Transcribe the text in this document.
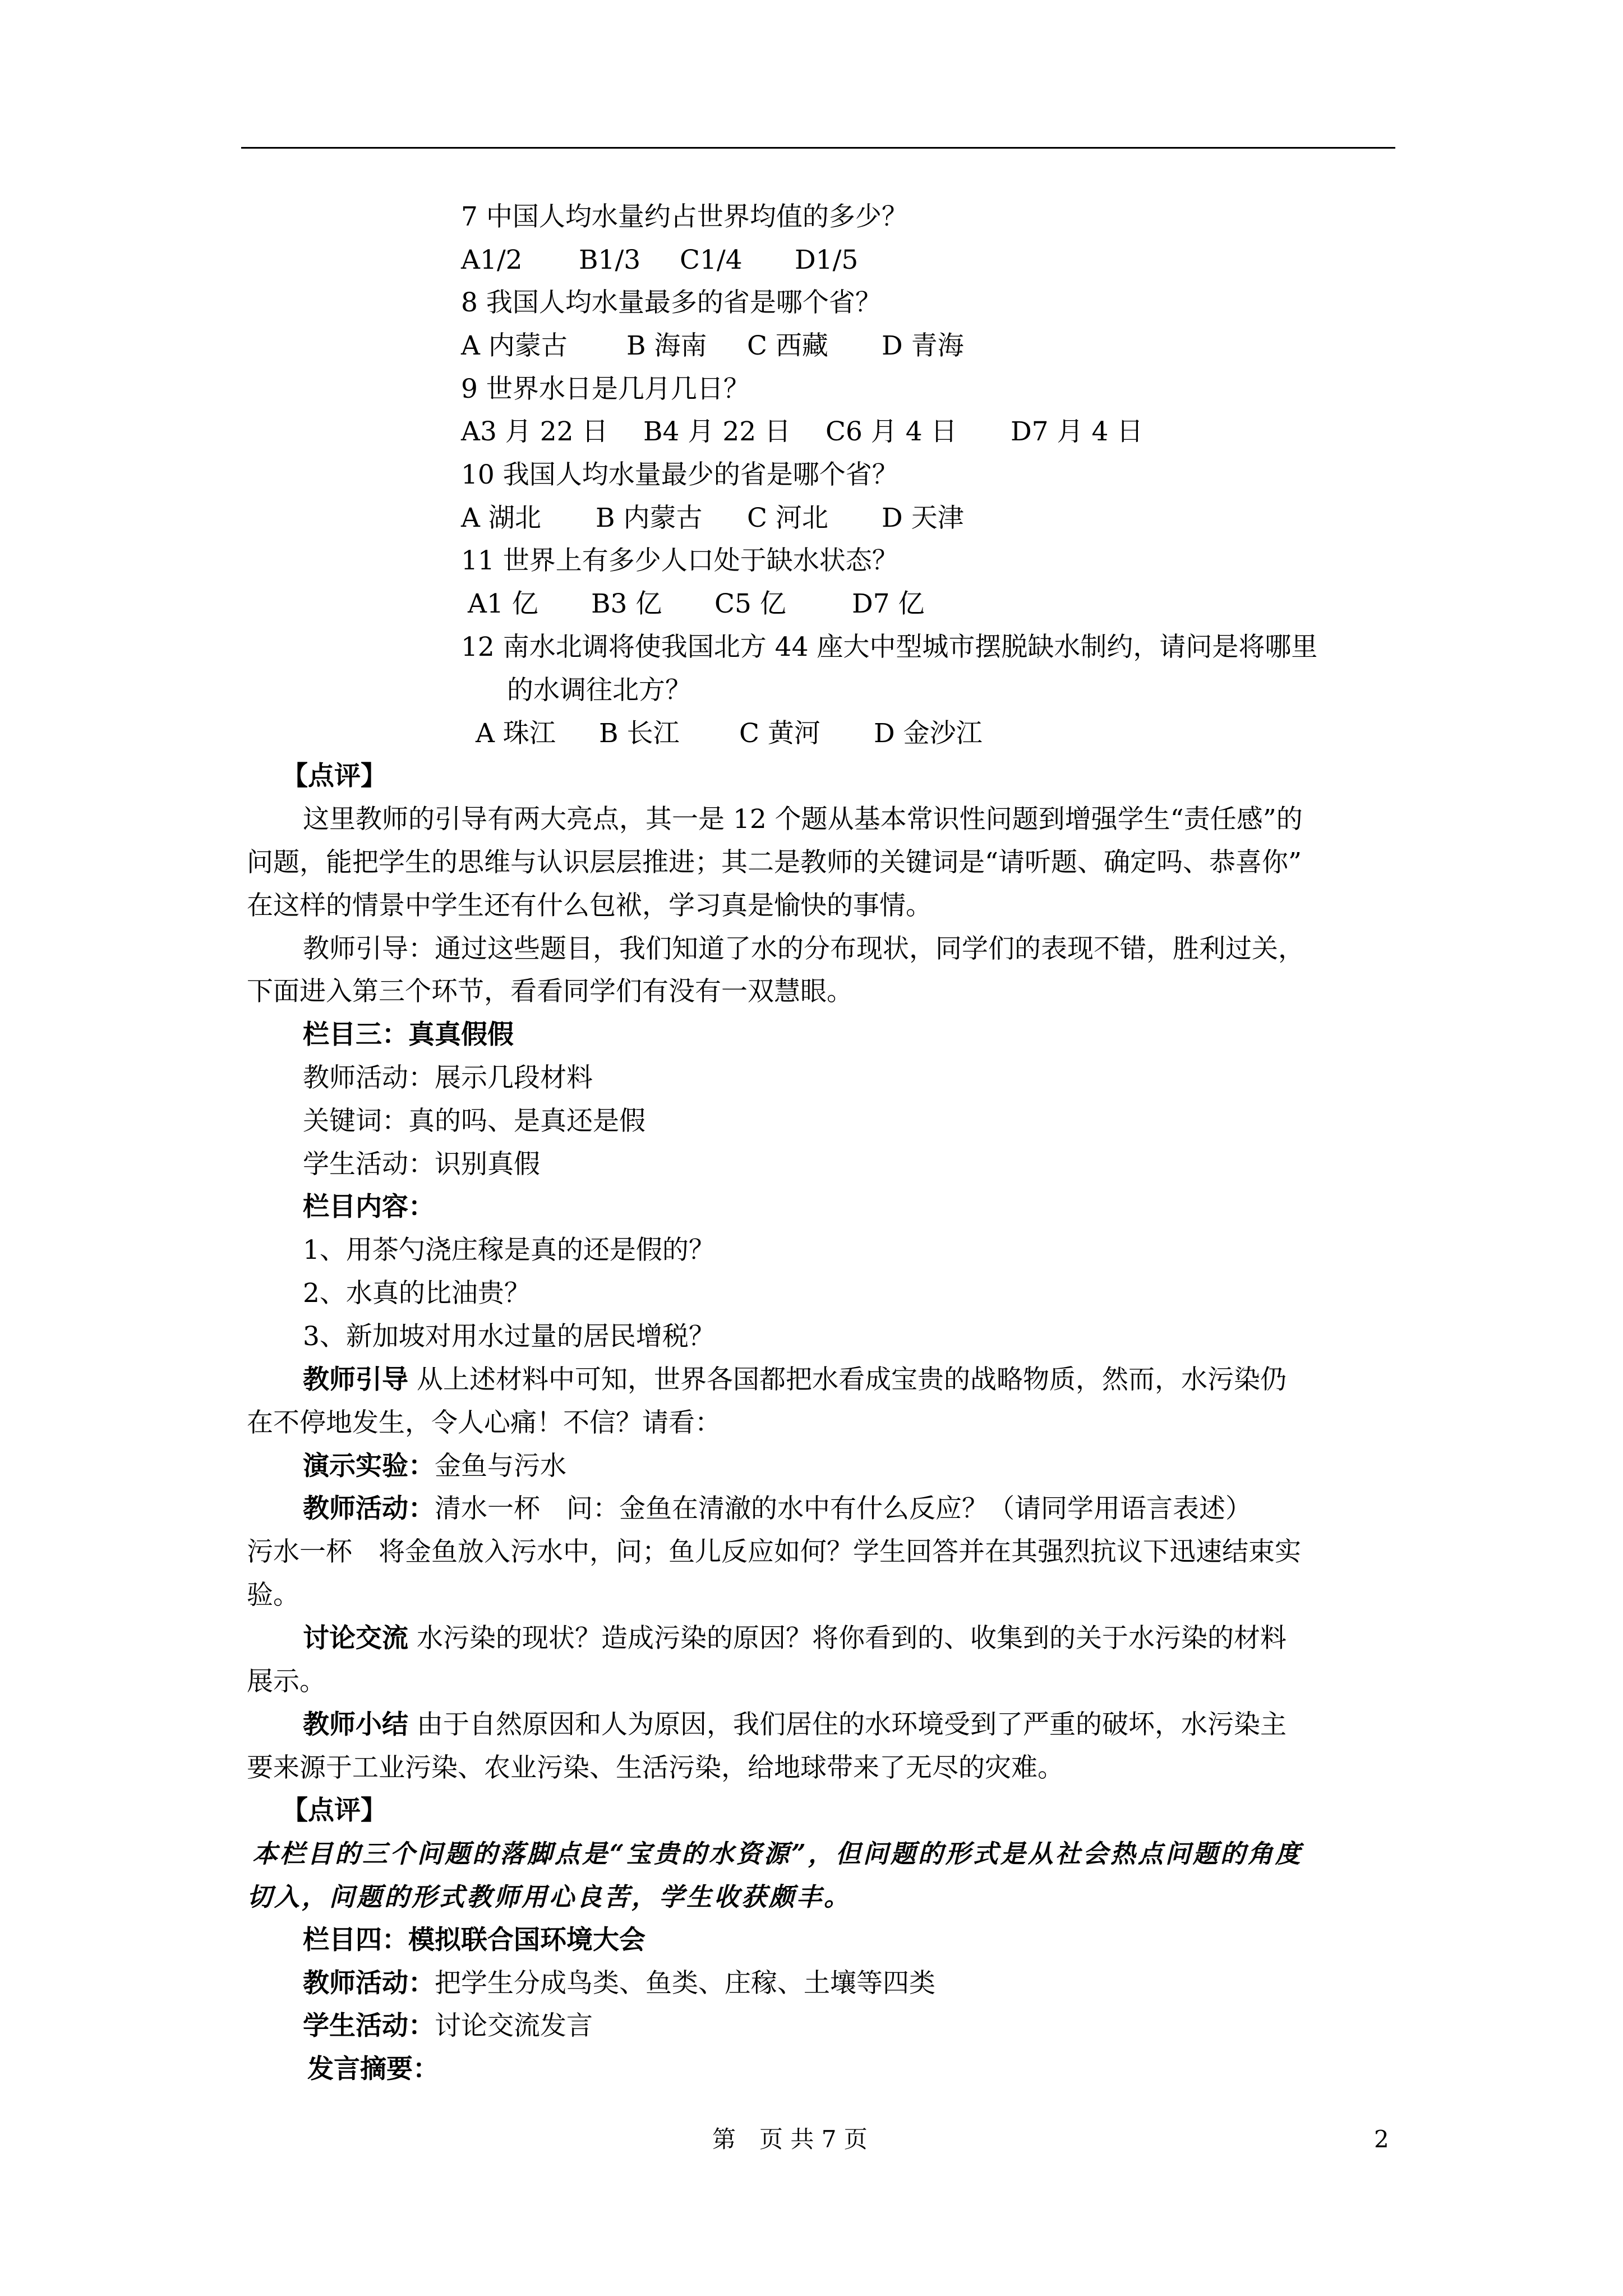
7 中国人均水量约占世界均值的多少？
A1/2 B1/3 C1/4 D1/5
8 我国人均水量最多的省是哪个省？
A 内蒙古 B 海南 C 西藏 D 青海
9 世界水日是几月几日？
A3 月 22 日 B4 月 22 日 C6 月 4 日 D7 月 4 日
10 我国人均水量最少的省是哪个省？
A 湖北 B 内蒙古 C 河北 D 天津
11 世界上有多少人口处于缺水状态？
A1 亿 B3 亿 C5 亿 D7 亿
12 南水北调将使我国北方 44 座大中型城市摆脱缺水制约，请问是将哪里
的水调往北方？
A 珠江 B 长江 C 黄河 D 金沙江
【点评】
这里教师的引导有两大亮点，其一是 12 个题从基本常识性问题到增强学生“责任感”的
问题，能把学生的思维与认识层层推进；其二是教师的关键词是“请听题、确定吗、恭喜你”
在这样的情景中学生还有什么包袱，学习真是愉快的事情。
教师引导：通过这些题目，我们知道了水的分布现状，同学们的表现不错，胜利过关，
下面进入第三个环节，看看同学们有没有一双慧眼。
栏目三：真真假假
教师活动：展示几段材料
关键词：真的吗、是真还是假
学生活动：识别真假
栏目内容：
1、用茶勺浇庄稼是真的还是假的？
2、水真的比油贵？
3、新加坡对用水过量的居民增税？
教师引导 从上述材料中可知，世界各国都把水看成宝贵的战略物质，然而，水污染仍
在不停地发生，令人心痛！不信？请看：
演示实验：金鱼与污水
教师活动：清水一杯　问：金鱼在清澈的水中有什么反应？（请同学用语言表述）
污水一杯　将金鱼放入污水中，问；鱼儿反应如何？学生回答并在其强烈抗议下迅速结束实
验。
讨论交流 水污染的现状？造成污染的原因？将你看到的、收集到的关于水污染的材料
展示。
教师小结 由于自然原因和人为原因，我们居住的水环境受到了严重的破坏，水污染主
要来源于工业污染、农业污染、生活污染，给地球带来了无尽的灾难。
【点评】
本栏目的三个问题的落脚点是“宝贵的水资源”，但问题的形式是从社会热点问题的角度
切入，问题的形式教师用心良苦，学生收获颇丰。
栏目四：模拟联合国环境大会
教师活动：把学生分成鸟类、鱼类、庄稼、土壤等四类
学生活动：讨论交流发言
发言摘要：
第　页 共 7 页	2
